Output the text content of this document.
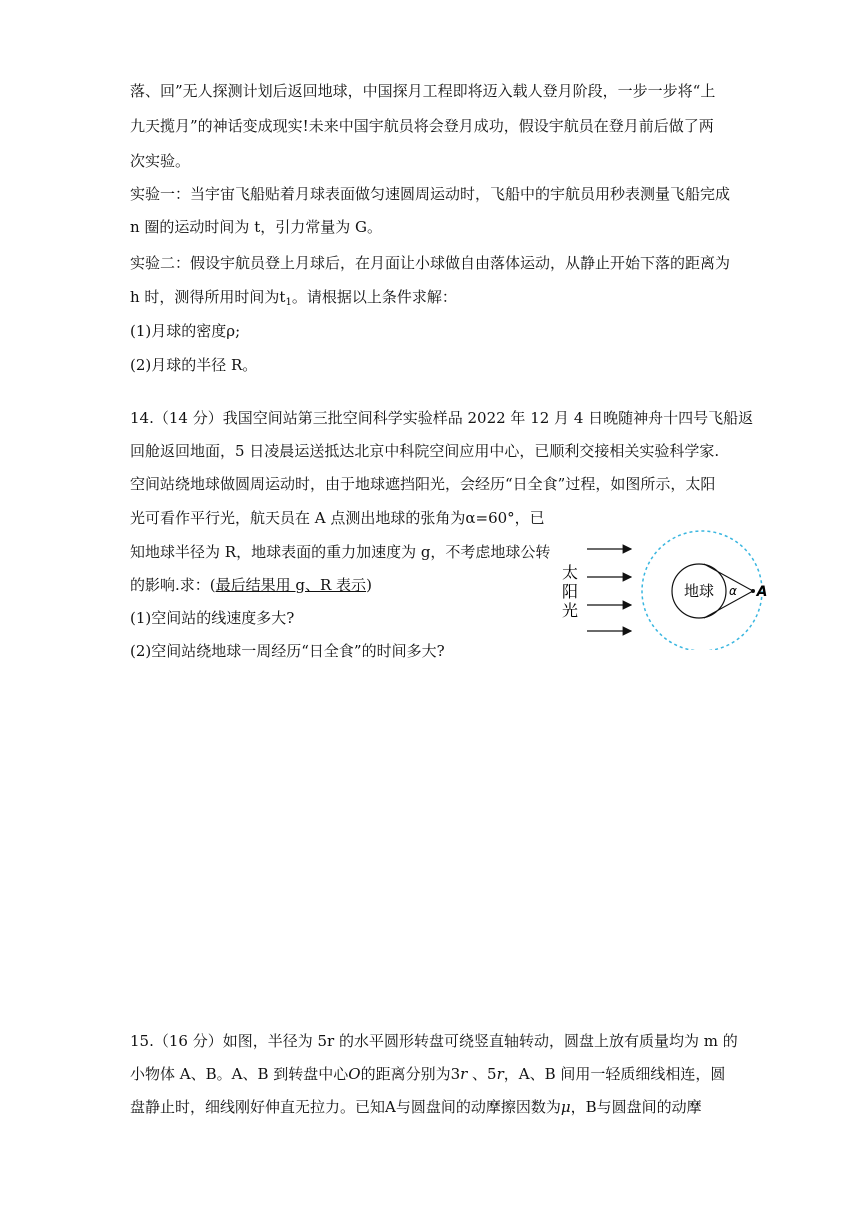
落、回”无人探测计划后返回地球，中国探月工程即将迈入载人登月阶段，一步一步将“上
九天揽月”的神话变成现实!未来中国宇航员将会登月成功，假设宇航员在登月前后做了两
次实验。
实验一：当宇宙飞船贴着月球表面做匀速圆周运动时，飞船中的宇航员用秒表测量飞船完成
n 圈的运动时间为 t，引力常量为 G。
实验二：假设宇航员登上月球后，在月面让小球做自由落体运动，从静止开始下落的距离为
h 时，测得所用时间为$t_1$。请根据以上条件求解：
(1)月球的密度ρ;
(2)月球的半径 R。
14.（14 分）我国空间站第三批空间科学实验样品 2022 年 12 月 4 日晚随神舟十四号飞船返
回舱返回地面，5 日凌晨运送抵达北京中科院空间应用中心，已顺利交接相关实验科学家.
空间站绕地球做圆周运动时，由于地球遮挡阳光，会经历“日全食”过程，如图所示，太阳
光可看作平行光，航天员在 A 点测出地球的张角为α=60°，已
知地球半径为 R，地球表面的重力加速度为 g，不考虑地球公转
的影响.求：(最后结果用 g、R 表示)
(1)空间站的线速度多大?
(2)空间站绕地球一周经历“日全食”的时间多大?
太
阳
光
地球 α A
15.（16 分）如图，半径为 5r 的水平圆形转盘可绕竖直轴转动，圆盘上放有质量均为 m 的
小物体 A、B。A、B 到转盘中心O的距离分别为3r 、5r，A、B 间用一轻质细线相连，圆
盘静止时，细线刚好伸直无拉力。已知A与圆盘间的动摩擦因数为μ，B与圆盘间的动摩
